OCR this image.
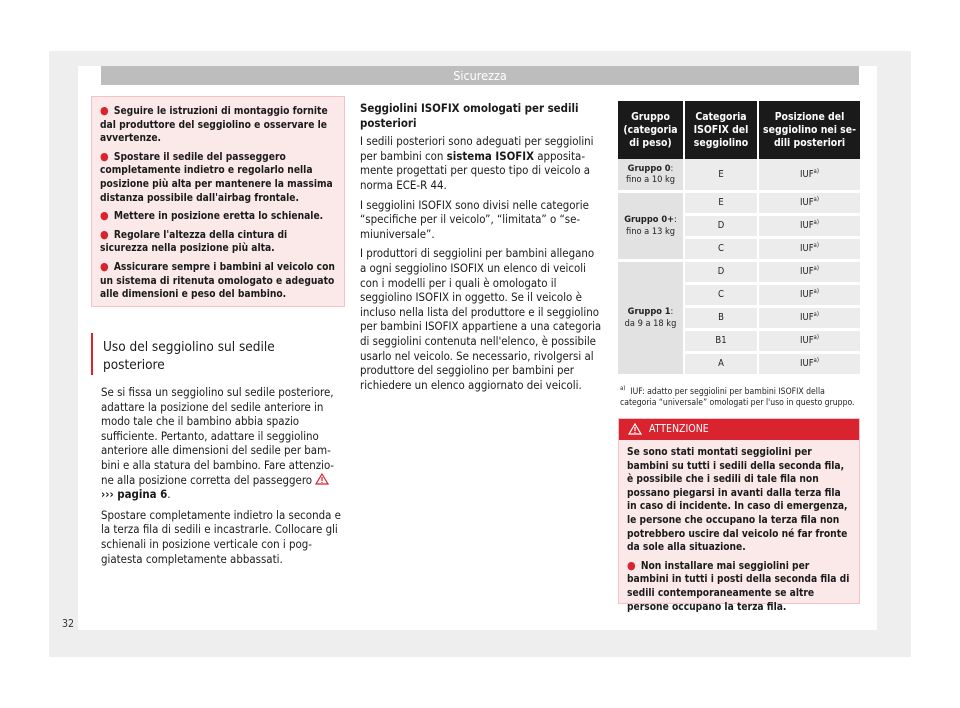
Sicurezza

● Seguire le istruzioni di montaggio fornite dal produttore del seggiolino e osservare le avvertenze.

● Spostare il sedile del passeggero completamente indietro e regolarlo nella posizione più alta per mantenere la massima distanza possibile dall'airbag frontale.

● Mettere in posizione eretta lo schienale.

● Regolare l'altezza della cintura di sicurezza nella posizione più alta.

● Assicurare sempre i bambini al veicolo con un sistema di ritenuta omologato e adeguato alle dimensioni e peso del bambino.

Uso del seggiolino sul sedile posteriore

Se si fissa un seggiolino sul sedile posteriore, adattare la posizione del sedile anteriore in modo tale che il bambino abbia spazio sufficiente. Pertanto, adattare il seggiolino anteriore alle dimensioni del sedile per bambini e alla statura del bambino. Fare attenzione alla posizione corretta del passeggero
››› pagina 6.

Spostare completamente indietro la seconda e la terza fila di sedili e incastrarle. Collocare gli schienali in posizione verticale con i poggiatesta completamente abbassati.

Seggiolini ISOFIX omologati per sedili posteriori

I sedili posteriori sono adeguati per seggiolini per bambini con sistema ISOFIX appositamente progettati per questo tipo di veicolo a norma ECE-R 44.

I seggiolini ISOFIX sono divisi nelle categorie “specifiche per il veicolo”, “limitata” o “semiuniversale”.

I produttori di seggiolini per bambini allegano a ogni seggiolino ISOFIX un elenco di veicoli con i modelli per i quali è omologato il seggiolino ISOFIX in oggetto. Se il veicolo è incluso nella lista del produttore e il seggiolino per bambini ISOFIX appartiene a una categoria di seggiolini contenuta nell'elenco, è possibile usarlo nel veicolo. Se necessario, rivolgersi al produttore del seggiolino per bambini per richiedere un elenco aggiornato dei veicoli.

Gruppo (categoria di peso)	Categoria ISOFIX del seggiolino	Posizione del seggiolino nei sedili posteriori
Gruppo 0:
fino a 10 kg	E	IUF$^{a)}$
Gruppo 0+:
fino a 13 kg	E	IUF$^{a)}$
	D	IUF$^{a)}$
	C	IUF$^{a)}$
Gruppo 1:
da 9 a 18 kg	D	IUF$^{a)}$
	C	IUF$^{a)}$
	B	IUF$^{a)}$
	B1	IUF$^{a)}$
	A	IUF$^{a)}$
$^{a)}$ IUF: adatto per seggiolini per bambini ISOFIX della categoria “universale” omologati per l'uso in questo gruppo.
ATTENZIONE

Se sono stati montati seggiolini per bambini su tutti i sedili della seconda fila, è possibile che i sedili di tale fila non possano piegarsi in avanti dalla terza fila in caso di incidente. In caso di emergenza, le persone che occupano la terza fila non potrebbero uscire dal veicolo né far fronte da sole alla situazione.

● Non installare mai seggiolini per bambini in tutti i posti della seconda fila di sedili contemporaneamente se altre persone occupano la terza fila.

32
